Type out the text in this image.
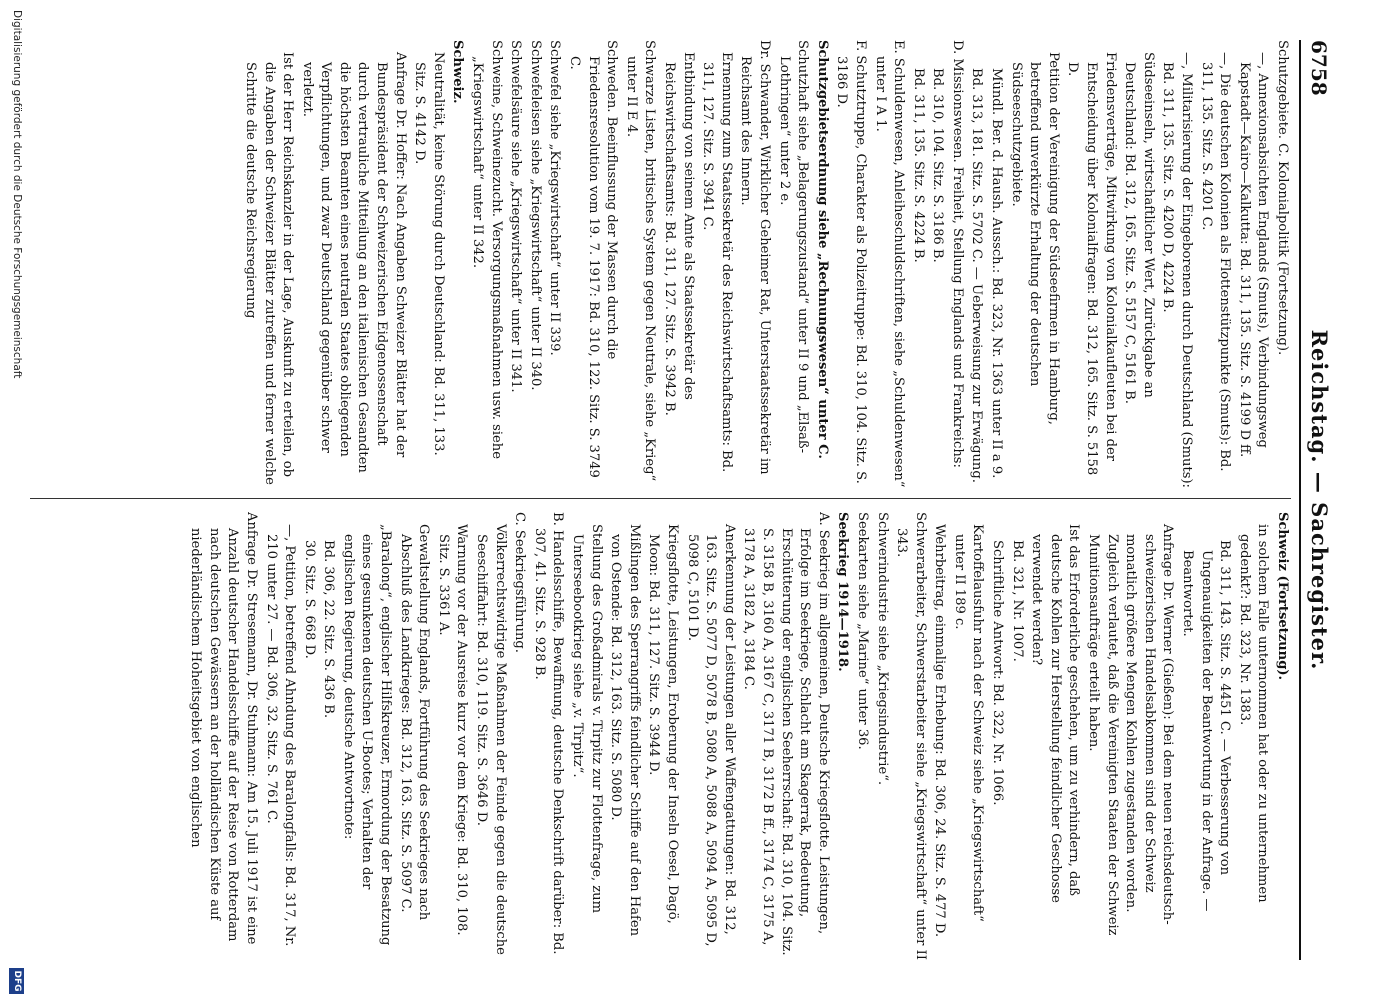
6758
Reichstag. — Sachregister.

Schutzgebiete. C. Kolonialpolitik (Fortsetzung).

—, Annexionsabsichten Englands (Smuts), Verbindungsweg Kapstadt—Kairo—Kalkutta: Bd. 311, 135. Sitz. S. 4199 D ff.

—, Die deutschen Kolonien als Flottenstützpunkte (Smuts): Bd. 311, 135. Sitz. S. 4201 C.

—, Militarisierung der Eingeborenen durch Deutschland (Smuts): Bd. 311, 135. Sitz. S. 4200 D, 4224 B.

Südseeinseln, wirtschaftlicher Wert, Zurückgabe an Deutschland: Bd. 312, 165. Sitz. S. 5157 C, 5161 B.

Friedensverträge, Mitwirkung von Kolonialkaufleuten bei der Entscheidung über Kolonialfragen: Bd. 312, 165. Sitz. S. 5158 D.

Petition der Vereinigung der Südseefirmen in Hamburg, betreffend unverkürzte Erhaltung der deutschen Südseeschutzgebiete.

Mündl. Ber. d. Haush. Aussch.: Bd. 323, Nr. 1363 unter II a 9.

Bd. 313, 181. Sitz. S. 5702 C. — Ueberweisung zur Erwägung.

D. Missionswesen. Freiheit, Stellung Englands und Frankreichs:

Bd. 310, 104. Sitz. S. 3186 B.

Bd. 311, 135. Sitz. S. 4224 B.

E. Schuldenwesen, Anleiheschuldschriften, siehe „Schuldenwesen“ unter I A 1.

F. Schutztruppe, Charakter als Polizeitruppe: Bd. 310, 104. Sitz. S. 3186 D.

Schutzgebietserdnung siehe „Rechnungswesen“ unter C.

Schutzhaft siehe „Belagerungszustand“ unter II 9 und „Elsaß-Lothringen“ unter 2 e.

Dr. Schwander, Wirklicher Geheimer Rat, Unterstaatssekretär im Reichsamt des Innern.

Ernennung zum Staatssekretär des Reichswirtschaftsamts: Bd. 311, 127. Sitz. S. 3941 C.

Entbindung von seinem Amte als Staatssekretär des Reichswirtschaftsamts: Bd. 311, 127. Sitz. S. 3942 B.

Schwarze Listen, britisches System gegen Neutrale, siehe „Krieg“ unter II E 4.

Schweden. Beeinflussung der Massen durch die Friedensresolution vom 19. 7. 1917: Bd. 310, 122. Sitz. S. 3749 C.

Schwefel siehe „Kriegswirtschaft“ unter II 339.

Schwefeleisen siehe „Kriegswirtschaft“ unter II 340.

Schwefelsäure siehe „Kriegswirtschaft“ unter II 341.

Schweine, Schweinezucht. Versorgungsmaßnahmen usw. siehe „Kriegswirtschaft“ unter II 342.

Schweiz.

Neutralität, keine Störung durch Deutschland: Bd. 311, 133. Sitz. S. 4142 D.

Anfrage Dr. Hoffer: Nach Angaben Schweizer Blätter hat der Bundespräsident der Schweizerischen Eidgenossenschaft durch vertrauliche Mitteilung an den italienischen Gesandten die höchsten Beamten eines neutralen Staates obliegenden Verpflichtungen, und zwar Deutschland gegenüber schwer verletzt.

Ist der Herr Reichskanzler in der Lage, Auskunft zu erteilen, ob die Angaben der Schweizer Blätter zutreffen und ferner welche Schritte die deutsche Reichsregierung

Schweiz (Fortsetzung).

in solchem Falle unternommen hat oder zu unternehmen gedenkt?: Bd. 323, Nr. 1383.

Bd. 311, 143. Sitz. S. 4451 C. — Verbesserung von Ungenauigkeiten der Beantwortung in der Anfrage. — Beantwortet.

Anfrage Dr. Werner (Gießen): Bei dem neuen reichsdeutsch-schweizerischen Handelsabkommen sind der Schweiz monatlich größere Mengen Kohlen zugestanden worden. Zugleich verlautet, daß die Vereinigten Staaten der Schweiz Munitionsaufträge erteilt haben.

Ist das Erforderliche geschehen, um zu verhindern, daß deutsche Kohlen zur Herstellung feindlicher Geschosse verwendet werden?

Bd. 321, Nr. 1007.

Schriftliche Antwort: Bd. 322, Nr. 1066.

Kartoffelausfuhr nach der Schweiz siehe „Kriegswirtschaft“ unter II 189 c.

Wehrbeitrag, einmalige Erhebung: Bd. 306, 24. Sitz. S. 477 D.

Schwerarbeiter, Schwerstarbeiter siehe „Kriegswirtschaft“ unter II 343.

Schwerindustrie siehe „Kriegsindustrie“.

Seekarten siehe „Marine“ unter 36.

Seekrieg 1914—1918.

A. Seekrieg im allgemeinen, Deutsche Kriegsflotte. Leistungen, Erfolge im Seekriege, Schlacht am Skagerrak, Bedeutung, Erschütterung der englischen Seeherrschaft: Bd. 310, 104. Sitz. S. 3158 B, 3160 A, 3167 C, 3171 B, 3172 B ff., 3174 C, 3175 A, 3178 A, 3182 A, 3184 C.

Anerkennung der Leistungen aller Waffengattungen: Bd. 312, 163. Sitz. S. 5077 D, 5078 B, 5080 A, 5088 A, 5094 A, 5095 D, 5098 C, 5101 D.

Kriegsflotte, Leistungen, Eroberung der Inseln Oesel, Dagö, Moon: Bd. 311, 127. Sitz. S. 3944 D.

Mißlingen des Sperrangriffs feindlicher Schiffe auf den Hafen von Ostende: Bd. 312, 163. Sitz. S. 5080 D.

Stellung des Großadmirals v. Tirpitz zur Flottenfrage, zum Unterseebootkrieg siehe „v. Tirpitz“.

B. Handelsschiffe, Bewaffnung, deutsche Denkschrift darüber: Bd. 307, 41. Sitz. S. 928 B.

C. Seekriegsführung.

Völkerrechtswidrige Maßnahmen der Feinde gegen die deutsche Seeschiffahrt: Bd. 310, 119. Sitz. S. 3646 D.

Warnung vor der Ausreise kurz vor dem Kriege: Bd. 310, 108. Sitz. S. 3361 A.

Gewaltstellung Englands, Fortführung des Seekrieges nach Abschluß des Landkrieges: Bd. 312, 163. Sitz. S. 5097 C.

„Baralong“, englischer Hilfskreuzer, Ermordung der Besatzung eines gesunkenen deutschen U-Bootes; Verhalten der englischen Regierung, deutsche Antwortnote:

Bd. 306, 22. Sitz. S. 436 B.

30. Sitz. S. 668 D.

—, Petition, betreffend Ahndung des Baralongfalls: Bd. 317, Nr. 210 unter 27. — Bd. 306, 32. Sitz. S. 761 C.

Anfrage Dr. Stresemann, Dr. Stuhmann: Am 15. Juli 1917 ist eine Anzahl deutscher Handelsschiffe auf der Reise von Rotterdam nach deutschen Gewässern an der holländischen Küste auf niederländischem Hoheitsgebiet von englischen

Digitalisierung gefördert durch die Deutsche Forschungsgemeinschaft
DFG
